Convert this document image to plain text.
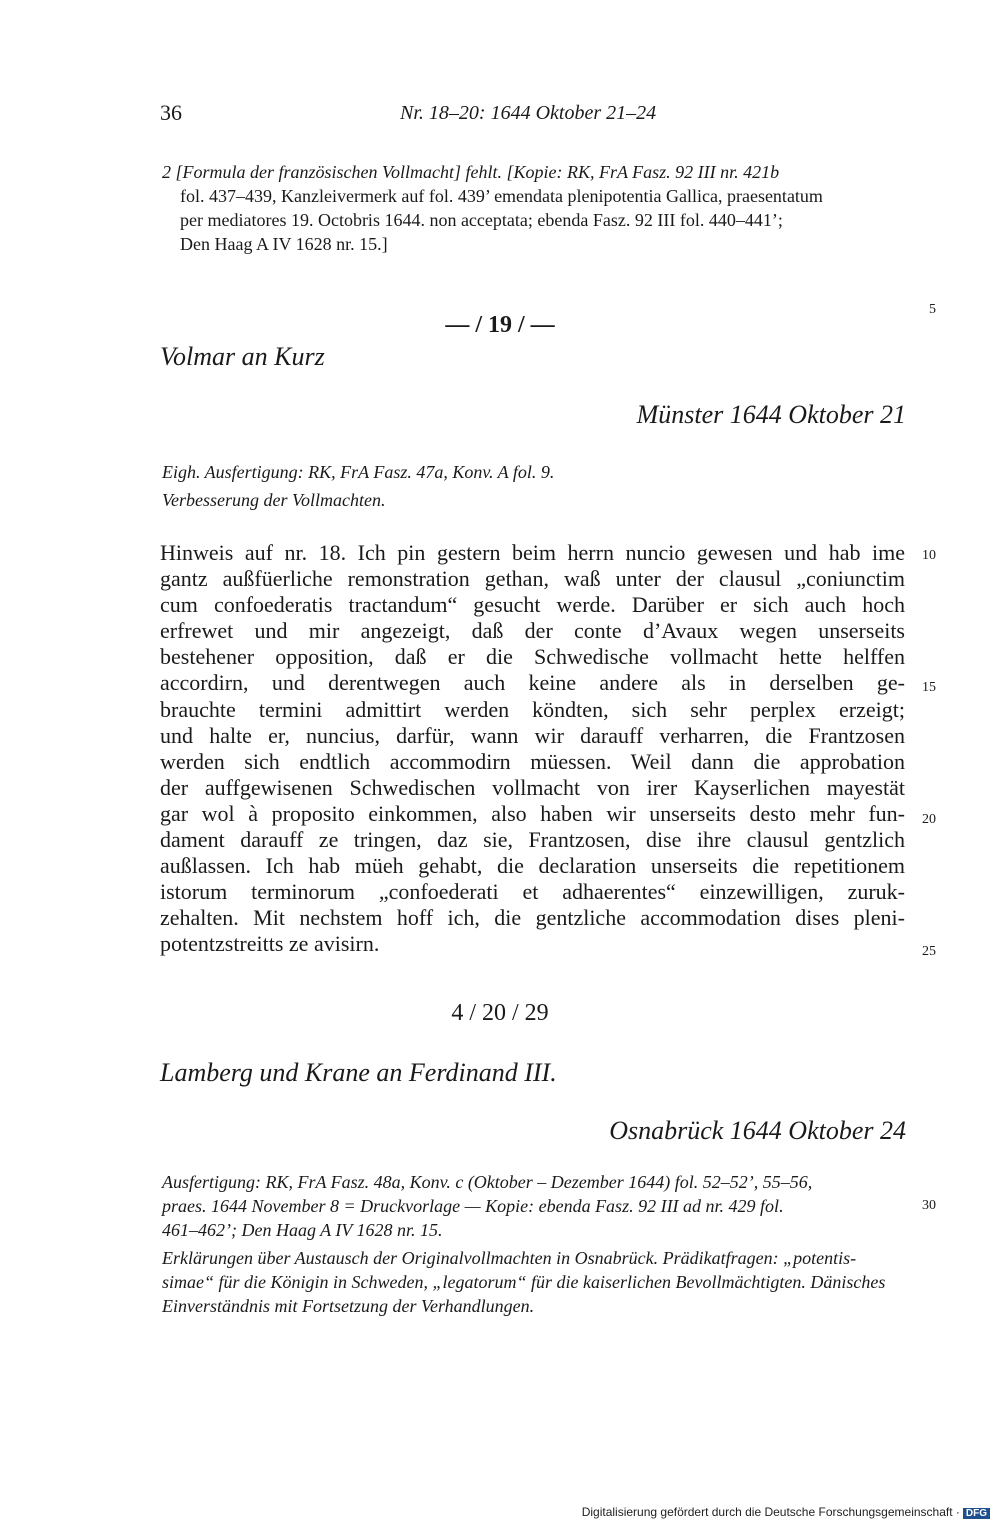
36	Nr. 18–20: 1644 Oktober 21–24
2 [Formula der französischen Vollmacht] fehlt. [Kopie: RK, FrA Fasz. 92 III nr. 421b
fol. 437–439, Kanzleivermerk auf fol. 439’ emendata plenipotentia Gallica, praesentatum
per mediatores 19. Octobris 1644. non acceptata; ebenda Fasz. 92 III fol. 440–441’;
Den Haag A IV 1628 nr. 15.]
— / 19 / —
5
Volmar an Kurz
Münster 1644 Oktober 21
Eigh. Ausfertigung: RK, FrA Fasz. 47a, Konv. A fol. 9.
Verbesserung der Vollmachten.
Hinweis auf nr. 18. Ich pin gestern beim herrn nuncio gewesen und hab ime
gantz außfüerliche remonstration gethan, waß unter der clausul „coniunctim
cum confoederatis tractandum“ gesucht werde. Darüber er sich auch hoch
erfrewet und mir angezeigt, daß der conte d’Avaux wegen unserseits
bestehener opposition, daß er die Schwedische vollmacht hette helffen
accordirn, und derentwegen auch keine andere als in derselben ge-
brauchte termini admittirt werden köndten, sich sehr perplex erzeigt;
und halte er, nuncius, darfür, wann wir darauff verharren, die Frantzosen
werden sich endtlich accommodirn müessen. Weil dann die approbation
der auffgewisenen Schwedischen vollmacht von irer Kayserlichen mayestät
gar wol à proposito einkommen, also haben wir unserseits desto mehr fun-
dament darauff ze tringen, daz sie, Frantzosen, dise ihre clausul gentzlich
außlassen. Ich hab müeh gehabt, die declaration unserseits die repetitionem
istorum terminorum „confoederati et adhaerentes“ einzewilligen, zuruk-
zehalten. Mit nechstem hoff ich, die gentzliche accommodation dises pleni-
potentzstreitts ze avisirn.
10
15
20
25
4 / 20 / 29
Lamberg und Krane an Ferdinand III.
Osnabrück 1644 Oktober 24
Ausfertigung: RK, FrA Fasz. 48a, Konv. c (Oktober – Dezember 1644) fol. 52–52’, 55–56,
praes. 1644 November 8 = Druckvorlage — Kopie: ebenda Fasz. 92 III ad nr. 429 fol.
461–462’; Den Haag A IV 1628 nr. 15.
30
Erklärungen über Austausch der Originalvollmachten in Osnabrück. Prädikatfragen: „potentis-
simae“ für die Königin in Schweden, „legatorum“ für die kaiserlichen Bevollmächtigten. Dänisches
Einverständnis mit Fortsetzung der Verhandlungen.
Digitalisierung gefördert durch die Deutsche Forschungsgemeinschaft · DFG
